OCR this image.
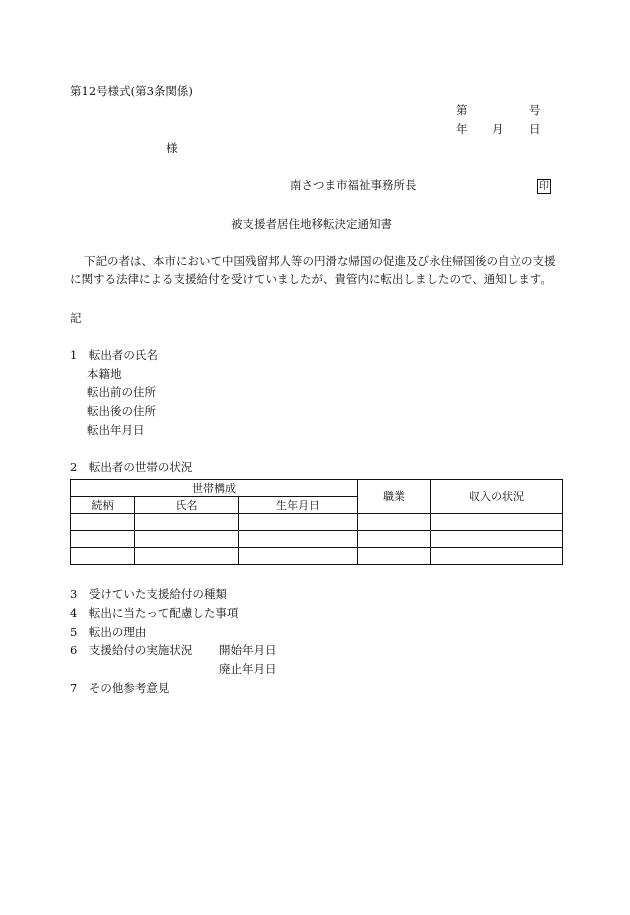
第12号様式(第3条関係)
第	号
年 月 日
様
南さつま市福祉事務所長	印
被支援者居住地移転決定通知書
下記の者は、本市において中国残留邦人等の円滑な帰国の促進及び永住帰国後の自立の支援
に関する法律による支援給付を受けていましたが、貴管内に転出しましたので、通知します。
記
1　転出者の氏名
本籍地
転出前の住所
転出後の住所
転出年月日
2　転出者の世帯の状況
世帯構成			職業	収入の状況
続柄	氏名	生年月日		

3　受けていた支援給付の種類
4　転出に当たって配慮した事項
5　転出の理由
6　支援給付の実施状況 開始年月日
廃止年月日
7　その他参考意見
